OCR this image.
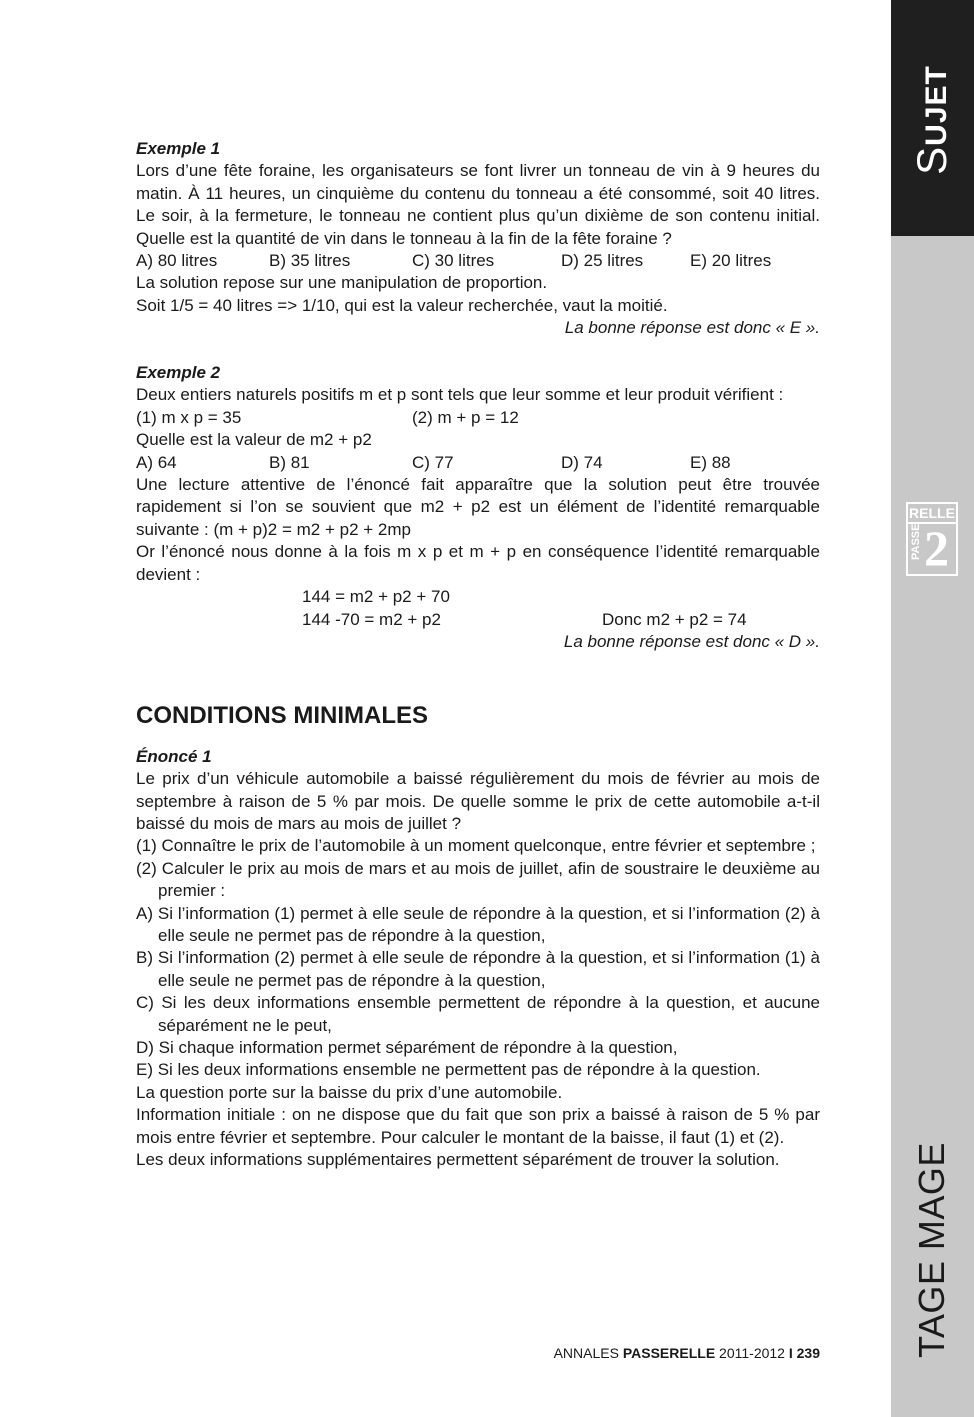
SUJET
RELLE
PASSE 2
TAGE MAGE

Exemple 1

Lors d’une fête foraine, les organisateurs se font livrer un tonneau de vin à 9 heures du matin. À 11 heures, un cinquième du contenu du tonneau a été consommé, soit 40 litres. Le soir, à la fermeture, le tonneau ne contient plus qu’un dixième de son contenu initial. Quelle est la quantité de vin dans le tonneau à la fin de la fête foraine ?

A) 80 litres	B) 35 litres	C) 30 litres	D) 25 litres	E) 20 litres

La solution repose sur une manipulation de proportion.

Soit 1/5 = 40 litres => 1/10, qui est la valeur recherchée, vaut la moitié.

La bonne réponse est donc « E ».

Exemple 2

Deux entiers naturels positifs m et p sont tels que leur somme et leur produit vérifient :

(1) m x p = 35	(2) m + p = 12

Quelle est la valeur de m2 + p2

A) 64	B) 81	C) 77	D) 74	E) 88

Une lecture attentive de l’énoncé fait apparaître que la solution peut être trouvée rapidement si l’on se souvient que m2 + p2 est un élément de l’identité remarquable suivante : (m + p)2 = m2 + p2 + 2mp

Or l’énoncé nous donne à la fois m x p et m + p en conséquence l’identité remarquable devient :

144 = m2 + p2 + 70
144 -70 = m2 + p2	Donc m2 + p2 = 74

La bonne réponse est donc « D ».

CONDITIONS MINIMALES

Énoncé 1

Le prix d’un véhicule automobile a baissé régulièrement du mois de février au mois de septembre à raison de 5 % par mois. De quelle somme le prix de cette automobile a-t-il baissé du mois de mars au mois de juillet ?

(1) Connaître le prix de l’automobile à un moment quelconque, entre février et septembre ;

(2) Calculer le prix au mois de mars et au mois de juillet, afin de soustraire le deuxième au premier :

A) Si l’information (1) permet à elle seule de répondre à la question, et si l’information (2) à elle seule ne permet pas de répondre à la question,

B) Si l’information (2) permet à elle seule de répondre à la question, et si l’information (1) à elle seule ne permet pas de répondre à la question,

C) Si les deux informations ensemble permettent de répondre à la question, et aucune séparément ne le peut,

D) Si chaque information permet séparément de répondre à la question,

E) Si les deux informations ensemble ne permettent pas de répondre à la question.

La question porte sur la baisse du prix d’une automobile.

Information initiale : on ne dispose que du fait que son prix a baissé à raison de 5 % par mois entre février et septembre. Pour calculer le montant de la baisse, il faut (1) et (2).

Les deux informations supplémentaires permettent séparément de trouver la solution.

ANNALES PASSERELLE 2011-2012 I 239
